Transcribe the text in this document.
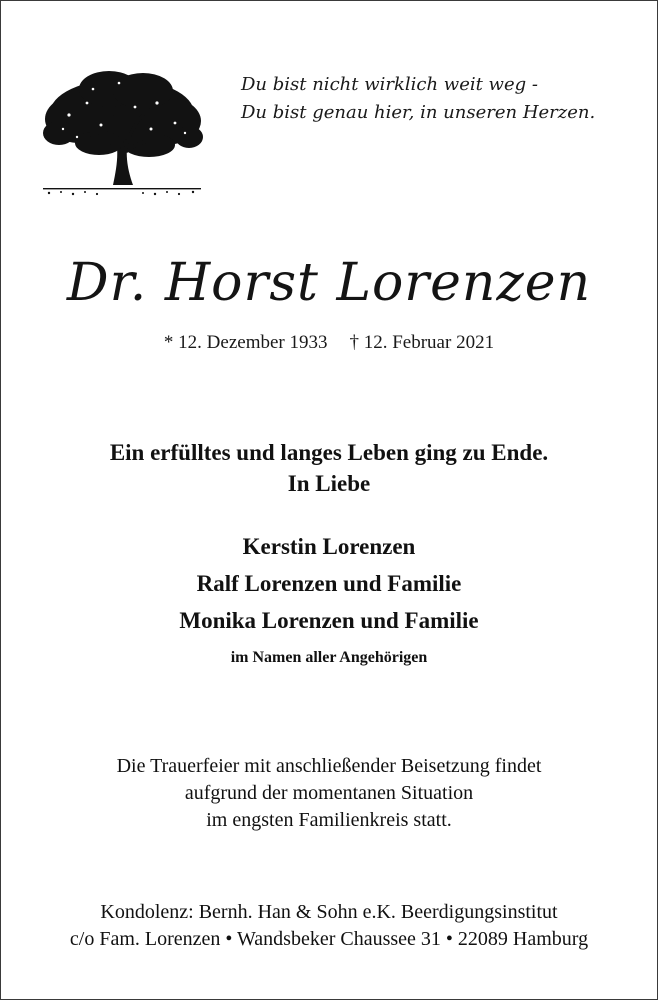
Du bist nicht wirklich weit weg -
Du bist genau hier, in unseren Herzen.
Dr. Horst Lorenzen
* 12. Dezember 1933 † 12. Februar 2021
Ein erfülltes und langes Leben ging zu Ende.
In Liebe
Kerstin Lorenzen
Ralf Lorenzen und Familie
Monika Lorenzen und Familie
im Namen aller Angehörigen
Die Trauerfeier mit anschließender Beisetzung findet
aufgrund der momentanen Situation
im engsten Familienkreis statt.
Kondolenz: Bernh. Han & Sohn e.K. Beerdigungsinstitut
c/o Fam. Lorenzen • Wandsbeker Chaussee 31 • 22089 Hamburg
